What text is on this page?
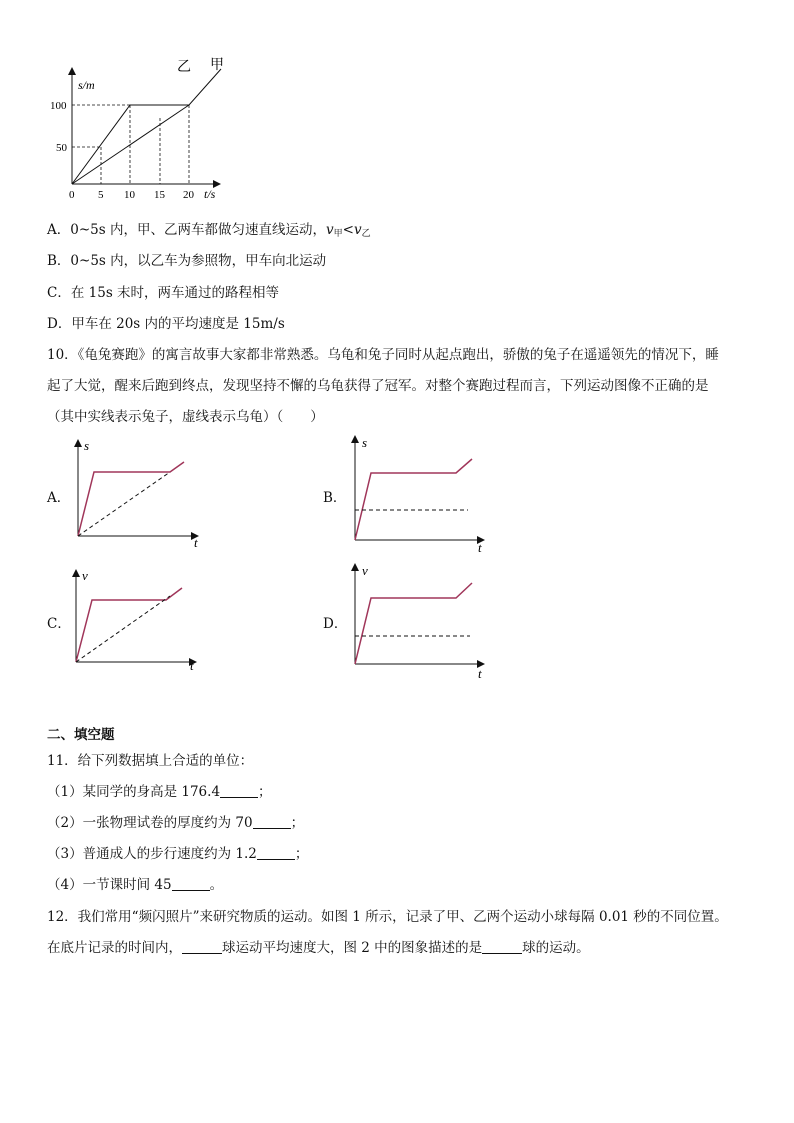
乙 甲
s/m
100
50
0 5 10 15 20 t/s
A．0~5s 内，甲、乙两车都做匀速直线运动，$v_甲<v_乙$
B．0~5s 内，以乙车为参照物，甲车向北运动
C．在 15s 末时，两车通过的路程相等
D．甲车在 20s 内的平均速度是 15m/s
10．《龟兔赛跑》的寓言故事大家都非常熟悉。乌龟和兔子同时从起点跑出，骄傲的兔子在遥遥领先的情况下，睡
起了大觉，醒来后跑到终点，发现坚持不懈的乌龟获得了冠军。对整个赛跑过程而言，下列运动图像不正确的是
（其中实线表示兔子，虚线表示乌龟）（　　）
A．	B．
C．	D．
s
t
s
t
v
t
v
t
二、填空题
11．给下列数据填上合适的单位：
（1）某同学的身高是 176.4	；
（2）一张物理试卷的厚度约为 70	；
（3）普通成人的步行速度约为 1.2	；
（4）一节课时间 45	。
12．我们常用“频闪照片”来研究物质的运动。如图 1 所示，记录了甲、乙两个运动小球每隔 0.01 秒的不同位置。
在底片记录的时间内，	球运动平均速度大，图 2 中的图象描述的是	球的运动。
